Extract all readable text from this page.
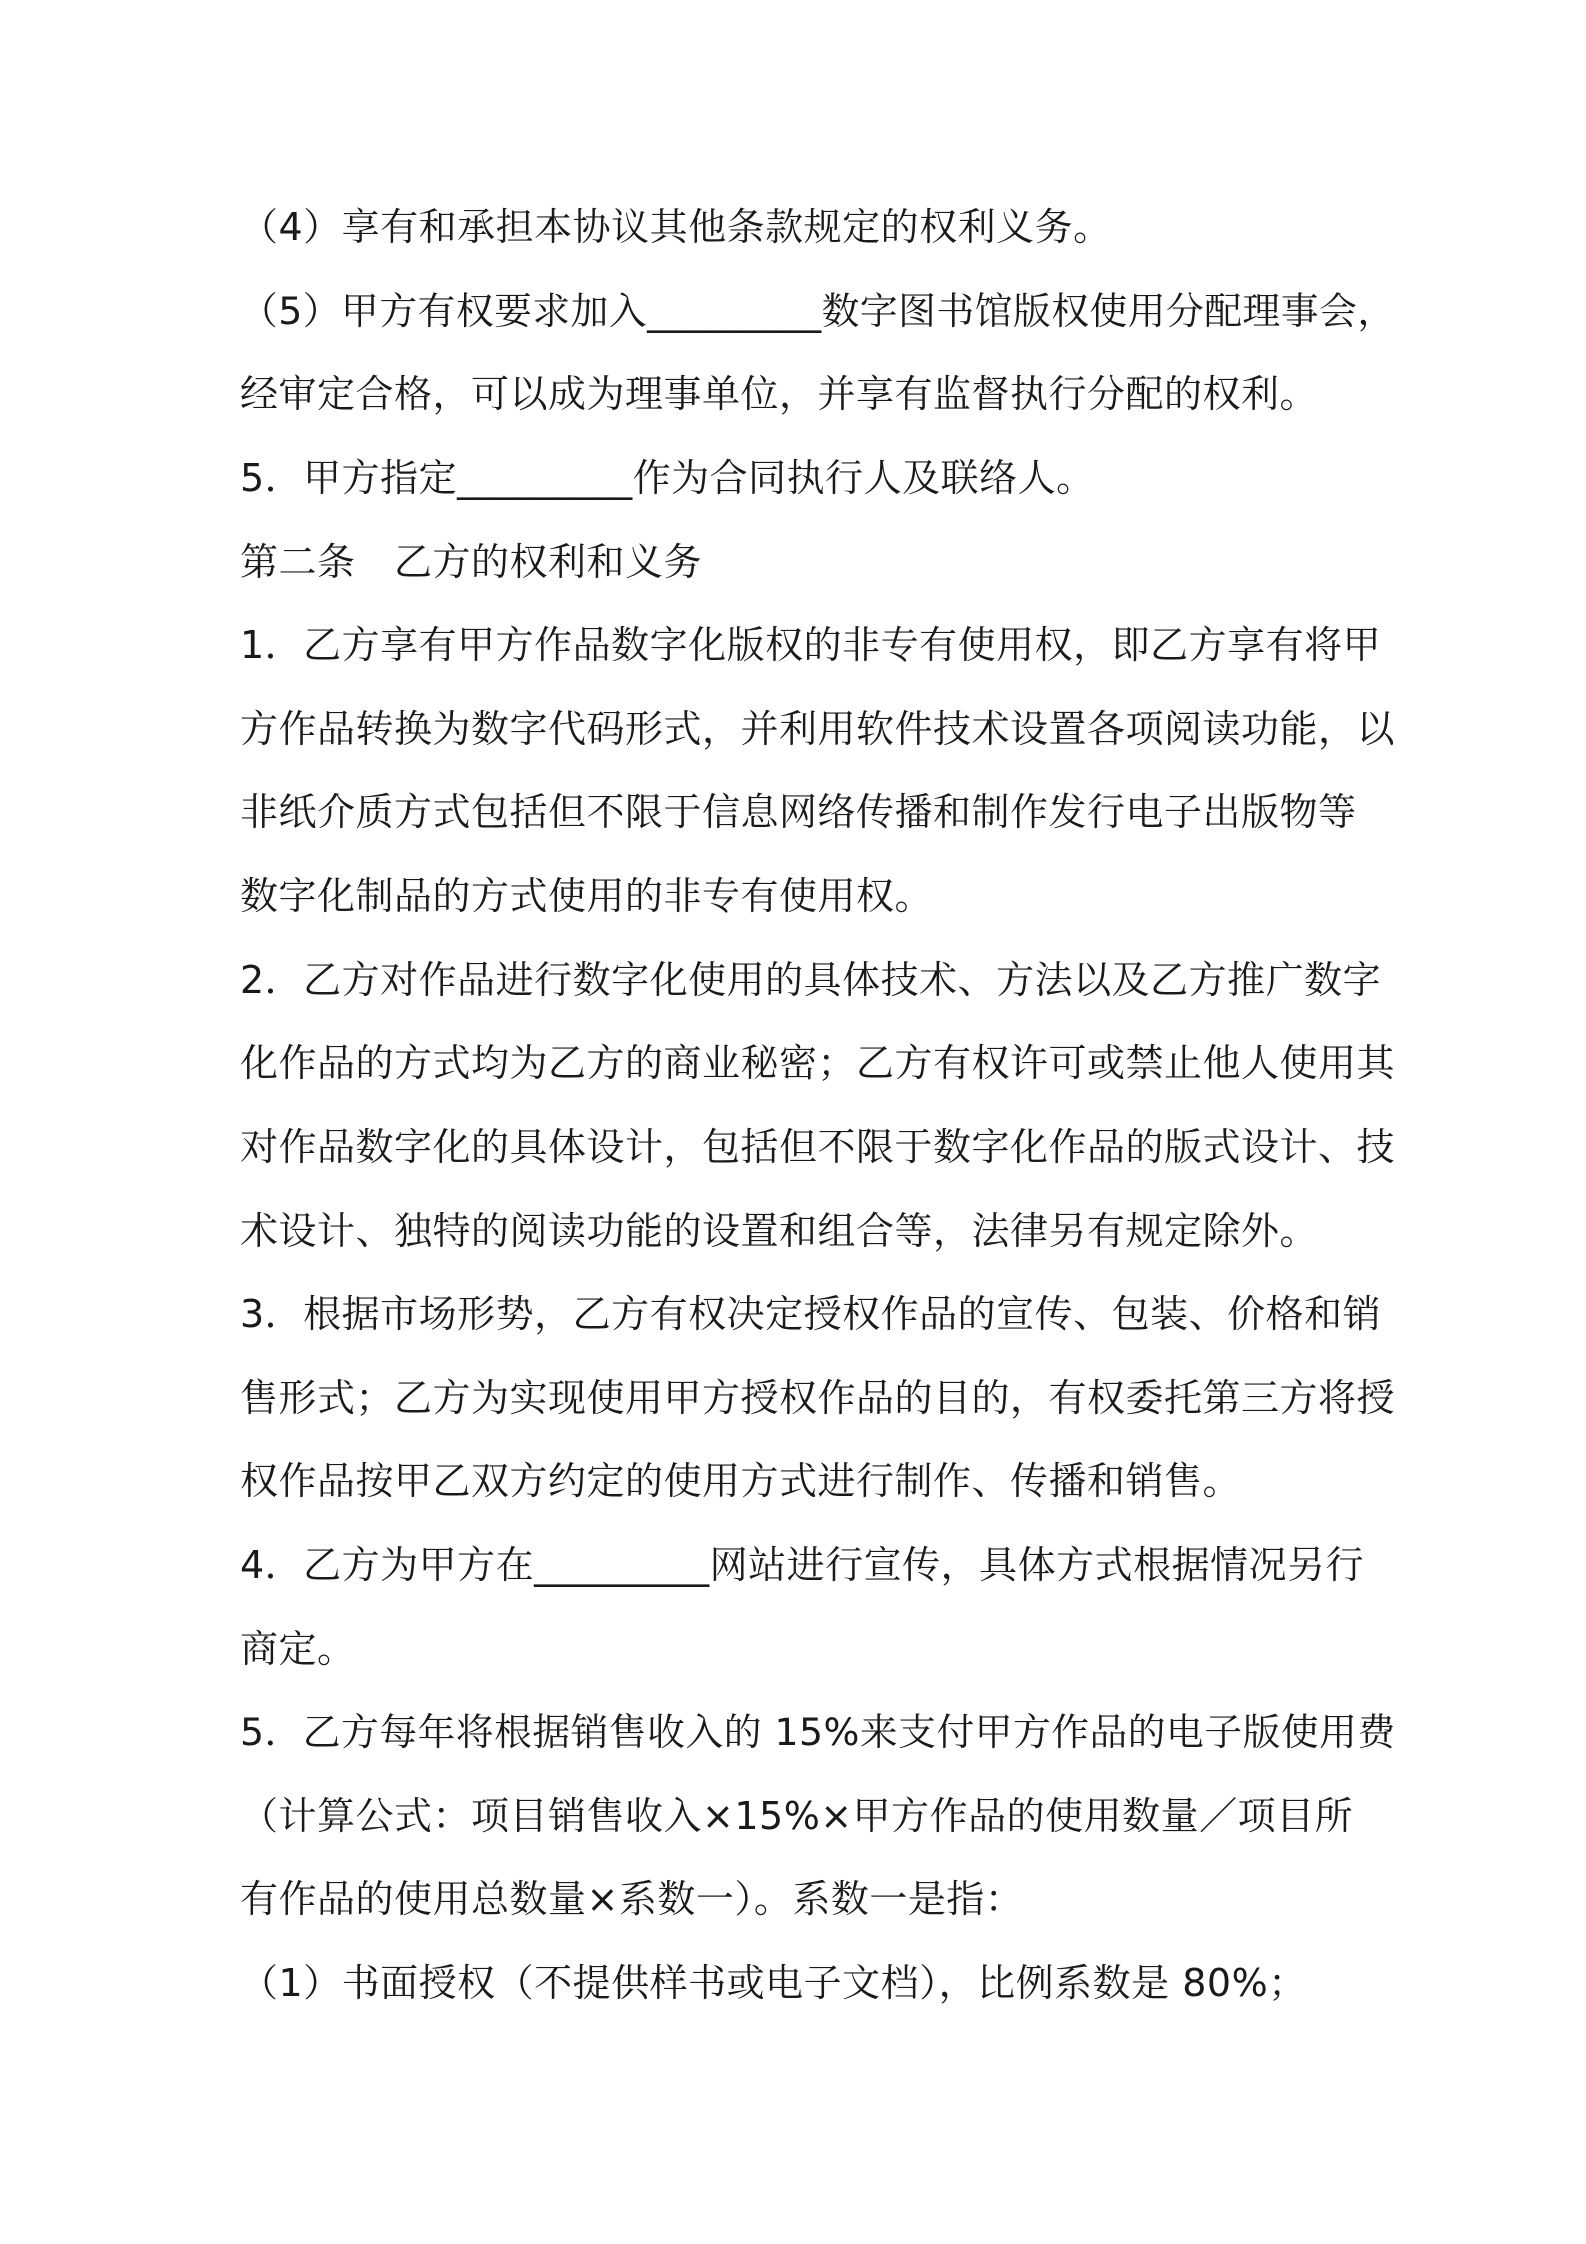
（4）享有和承担本协议其他条款规定的权利义务。
（5）甲方有权要求加入_________数字图书馆版权使用分配理事会，
经审定合格，可以成为理事单位，并享有监督执行分配的权利。
5．甲方指定_________作为合同执行人及联络人。
第二条　乙方的权利和义务
1．乙方享有甲方作品数字化版权的非专有使用权，即乙方享有将甲
方作品转换为数字代码形式，并利用软件技术设置各项阅读功能，以
非纸介质方式包括但不限于信息网络传播和制作发行电子出版物等
数字化制品的方式使用的非专有使用权。
2．乙方对作品进行数字化使用的具体技术、方法以及乙方推广数字
化作品的方式均为乙方的商业秘密；乙方有权许可或禁止他人使用其
对作品数字化的具体设计，包括但不限于数字化作品的版式设计、技
术设计、独特的阅读功能的设置和组合等，法律另有规定除外。
3．根据市场形势，乙方有权决定授权作品的宣传、包装、价格和销
售形式；乙方为实现使用甲方授权作品的目的，有权委托第三方将授
权作品按甲乙双方约定的使用方式进行制作、传播和销售。
4．乙方为甲方在_________网站进行宣传，具体方式根据情况另行
商定。
5．乙方每年将根据销售收入的 15%来支付甲方作品的电子版使用费
（计算公式：项目销售收入×15%×甲方作品的使用数量／项目所
有作品的使用总数量×系数一）。系数一是指：
（1）书面授权（不提供样书或电子文档），比例系数是 80%；
